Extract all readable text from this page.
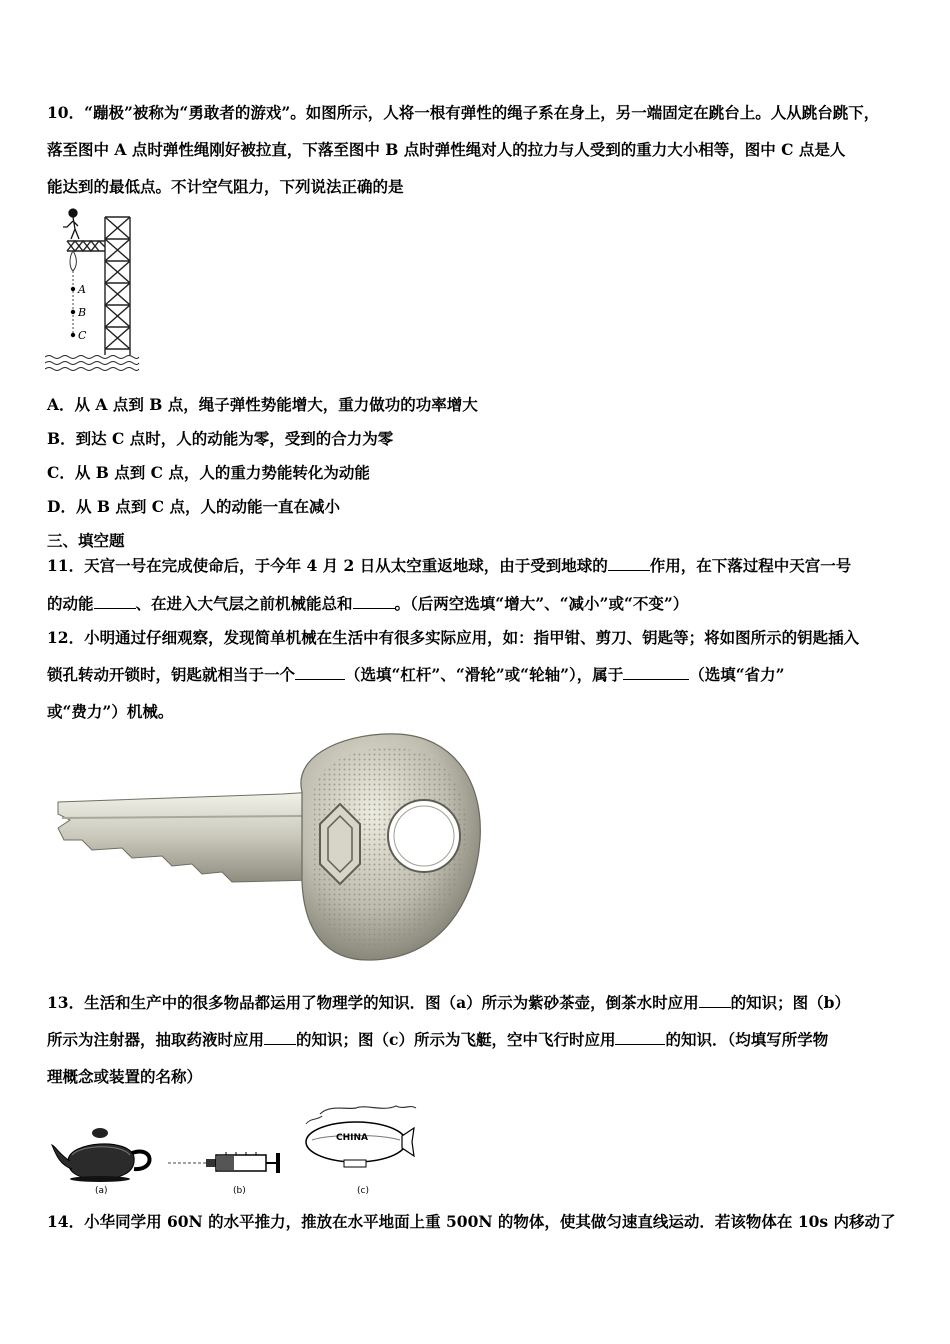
10．“蹦极”被称为“勇敢者的游戏”。如图所示，人将一根有弹性的绳子系在身上，另一端固定在跳台上。人从跳台跳下，
落至图中 A 点时弹性绳刚好被拉直，下落至图中 B 点时弹性绳对人的拉力与人受到的重力大小相等，图中 C 点是人
能达到的最低点。不计空气阻力，下列说法正确的是
A
B
C
A．从 A 点到 B 点，绳子弹性势能增大，重力做功的功率增大
B．到达 C 点时，人的动能为零，受到的合力为零
C．从 B 点到 C 点，人的重力势能转化为动能
D．从 B 点到 C 点，人的动能一直在减小
三、填空题
11．天宫一号在完成使命后，于今年 4 月 2 日从太空重返地球，由于受到地球的	作用，在下落过程中天宫一号
的动能	、在进入大气层之前机械能总和	。（后两空选填“增大”、“减小”或“不变”）
12．小明通过仔细观察，发现简单机械在生活中有很多实际应用，如：指甲钳、剪刀、钥匙等；将如图所示的钥匙插入
锁孔转动开锁时，钥匙就相当于一个	（选填“杠杆”、“滑轮”或“轮轴”），属于	（选填“省力”
或“费力”）机械。
13．生活和生产中的很多物品都运用了物理学的知识．图（a）所示为紫砂茶壶，倒茶水时应用 的知识；图（b）
所示为注射器，抽取药液时应用 的知识；图（c）所示为飞艇，空中飞行时应用	的知识．（均填写所学物
理概念或装置的名称）
(a)	(b)
CHINA
(c)
14．小华同学用 60N 的水平推力，推放在水平地面上重 500N 的物体，使其做匀速直线运动．若该物体在 10s 内移动了
